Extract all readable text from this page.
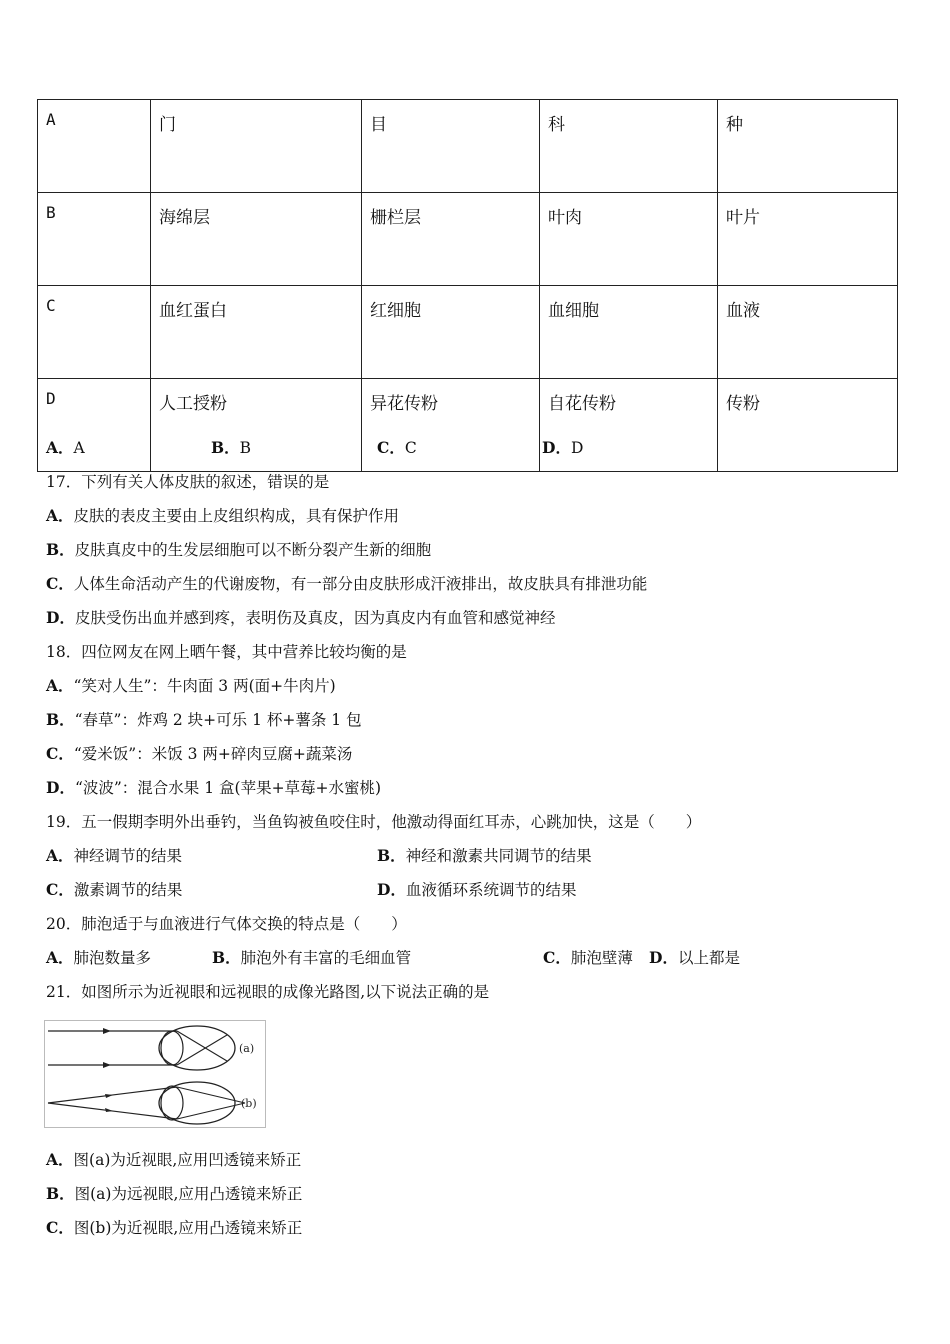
A	门	目	科	种
B	海绵层	栅栏层	叶肉	叶片
C	血红蛋白	红细胞	血细胞	血液
D	人工授粉	异花传粉	自花传粉	传粉
A．A	B．B	C．C	D．D
17．下列有关人体皮肤的叙述，错误的是
A．皮肤的表皮主要由上皮组织构成，具有保护作用
B．皮肤真皮中的生发层细胞可以不断分裂产生新的细胞
C．人体生命活动产生的代谢废物，有一部分由皮肤形成汗液排出，故皮肤具有排泄功能
D．皮肤受伤出血并感到疼，表明伤及真皮，因为真皮内有血管和感觉神经
18．四位网友在网上晒午餐，其中营养比较均衡的是
A．“笑对人生”：牛肉面 3 两(面+牛肉片)
B．“春草”：炸鸡 2 块+可乐 1 杯+薯条 1 包
C．“爱米饭”：米饭 3 两+碎肉豆腐+蔬菜汤
D．“波波”：混合水果 1 盒(苹果+草莓+水蜜桃)
19．五一假期李明外出垂钓，当鱼钩被鱼咬住时，他激动得面红耳赤，心跳加快，这是（　　）
A．神经调节的结果	B．神经和激素共同调节的结果
C．激素调节的结果	D．血液循环系统调节的结果
20．肺泡适于与血液进行气体交换的特点是（　　）
A．肺泡数量多	B．肺泡外有丰富的毛细血管	C．肺泡壁薄 D．以上都是
21．如图所示为近视眼和远视眼的成像光路图,以下说法正确的是
(a)
(b)
A．图(a)为近视眼,应用凹透镜来矫正
B．图(a)为远视眼,应用凸透镜来矫正
C．图(b)为近视眼,应用凸透镜来矫正
